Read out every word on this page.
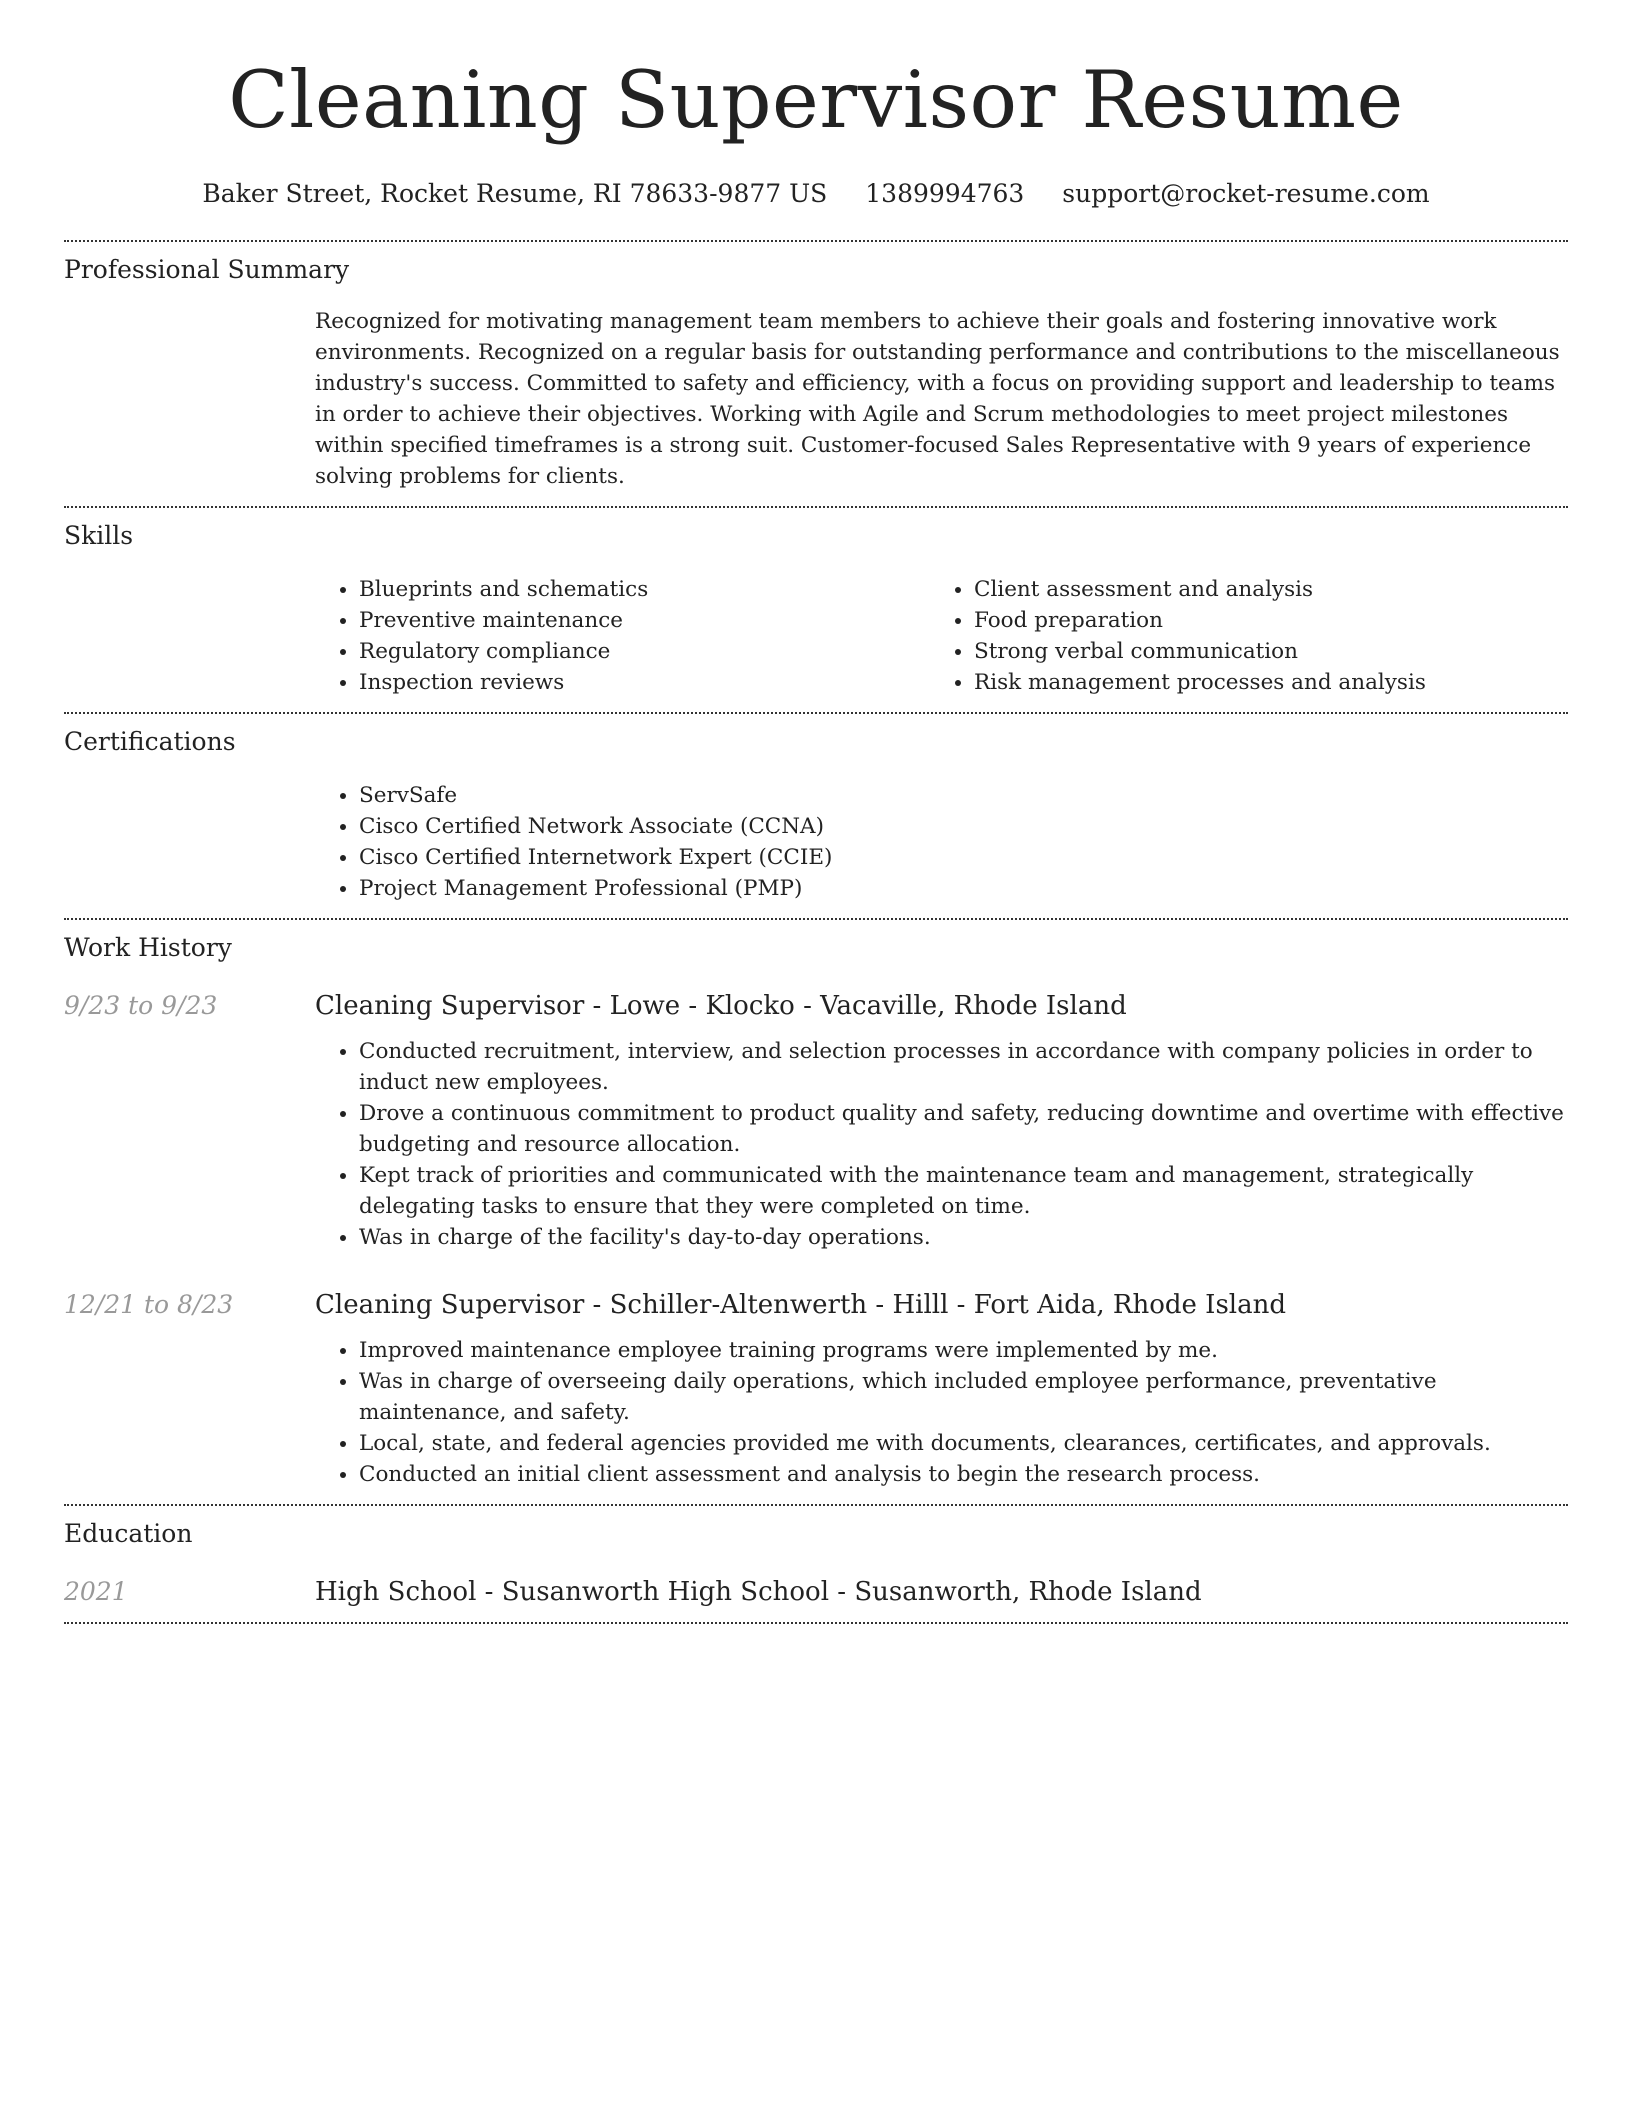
Cleaning Supervisor Resume
Baker Street, Rocket Resume, RI 78633-9877 US 1389994763 support@rocket-resume.com
Professional Summary

Recognized for motivating management team members to achieve their goals and fostering innovative work environments. Recognized on a regular basis for outstanding performance and contributions to the miscellaneous industry's success. Committed to safety and efficiency, with a focus on providing support and leadership to teams in order to achieve their objectives. Working with Agile and Scrum methodologies to meet project milestones within specified timeframes is a strong suit. Customer-focused Sales Representative with 9 years of experience solving problems for clients.

Skills
• Blueprints and schematics
• Preventive maintenance
• Regulatory compliance
• Inspection reviews
• Client assessment and analysis
• Food preparation
• Strong verbal communication
• Risk management processes and analysis
Certifications
• ServSafe
• Cisco Certified Network Associate (CCNA)
• Cisco Certified Internetwork Expert (CCIE)
• Project Management Professional (PMP)
Work History
9/23 to 9/23	Cleaning Supervisor - Lowe - Klocko - Vacaville, Rhode Island
• Conducted recruitment, interview, and selection processes in accordance with company policies in order to induct new employees.
• Drove a continuous commitment to product quality and safety, reducing downtime and overtime with effective budgeting and resource allocation.
• Kept track of priorities and communicated with the maintenance team and management, strategically delegating tasks to ensure that they were completed on time.
• Was in charge of the facility's day-to-day operations.
12/21 to 8/23	Cleaning Supervisor - Schiller-Altenwerth - Hilll - Fort Aida, Rhode Island
• Improved maintenance employee training programs were implemented by me.
• Was in charge of overseeing daily operations, which included employee performance, preventative maintenance, and safety.
• Local, state, and federal agencies provided me with documents, clearances, certificates, and approvals.
• Conducted an initial client assessment and analysis to begin the research process.
Education
2021	High School - Susanworth High School - Susanworth, Rhode Island
